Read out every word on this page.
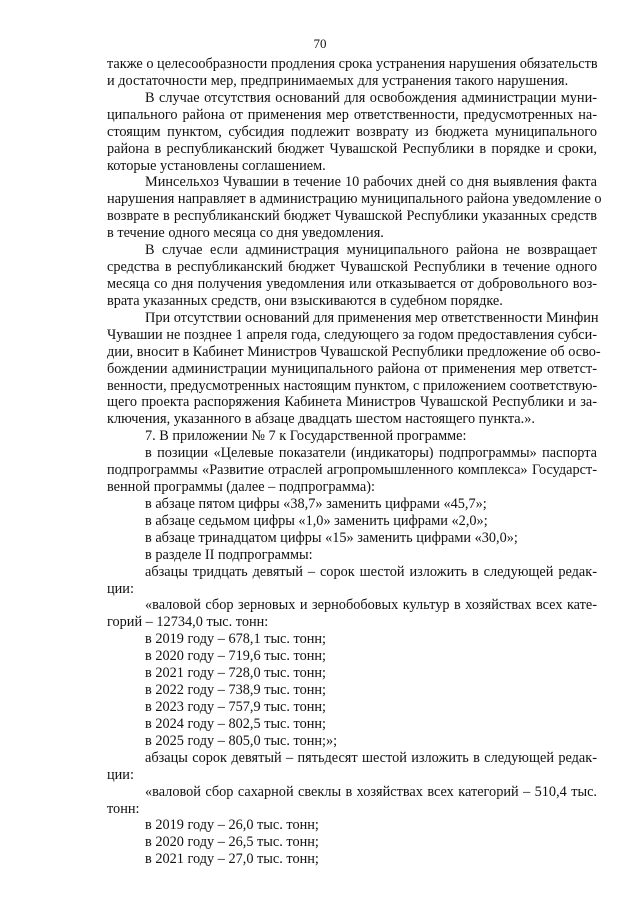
70
также о целесообразности продления срока устранения нарушения обязательств
и достаточности мер, предпринимаемых для устранения такого нарушения.
В случае отсутствия оснований для освобождения администрации муни-
ципального района от применения мер ответственности, предусмотренных на-
стоящим пунктом, субсидия подлежит возврату из бюджета муниципального
района в республиканский бюджет Чувашской Республики в порядке и сроки,
которые установлены соглашением.
Минсельхоз Чувашии в течение 10 рабочих дней со дня выявления факта
нарушения направляет в администрацию муниципального района уведомление о
возврате в республиканский бюджет Чувашской Республики указанных средств
в течение одного месяца со дня уведомления.
В случае если администрация муниципального района не возвращает
средства в республиканский бюджет Чувашской Республики в течение одного
месяца со дня получения уведомления или отказывается от добровольного воз-
врата указанных средств, они взыскиваются в судебном порядке.
При отсутствии оснований для применения мер ответственности Минфин
Чувашии не позднее 1 апреля года, следующего за годом предоставления субси-
дии, вносит в Кабинет Министров Чувашской Республики предложение об осво-
бождении администрации муниципального района от применения мер ответст-
венности, предусмотренных настоящим пунктом, с приложением соответствую-
щего проекта распоряжения Кабинета Министров Чувашской Республики и за-
ключения, указанного в абзаце двадцать шестом настоящего пункта.».
7. В приложении № 7 к Государственной программе:
в позиции «Целевые показатели (индикаторы) подпрограммы» паспорта
подпрограммы «Развитие отраслей агропромышленного комплекса» Государст-
венной программы (далее – подпрограмма):
в абзаце пятом цифры «38,7» заменить цифрами «45,7»;
в абзаце седьмом цифры «1,0» заменить цифрами «2,0»;
в абзаце тринадцатом цифры «15» заменить цифрами «30,0»;
в разделе II подпрограммы:
абзацы тридцать девятый – сорок шестой изложить в следующей редак-
ции:
«валовой сбор зерновых и зернобобовых культур в хозяйствах всех кате-
горий – 12734,0 тыс. тонн:
в 2019 году – 678,1 тыс. тонн;
в 2020 году – 719,6 тыс. тонн;
в 2021 году – 728,0 тыс. тонн;
в 2022 году – 738,9 тыс. тонн;
в 2023 году – 757,9 тыс. тонн;
в 2024 году – 802,5 тыс. тонн;
в 2025 году – 805,0 тыс. тонн;»;
абзацы сорок девятый – пятьдесят шестой изложить в следующей редак-
ции:
«валовой сбор сахарной свеклы в хозяйствах всех категорий – 510,4 тыс.
тонн:
в 2019 году – 26,0 тыс. тонн;
в 2020 году – 26,5 тыс. тонн;
в 2021 году – 27,0 тыс. тонн;
